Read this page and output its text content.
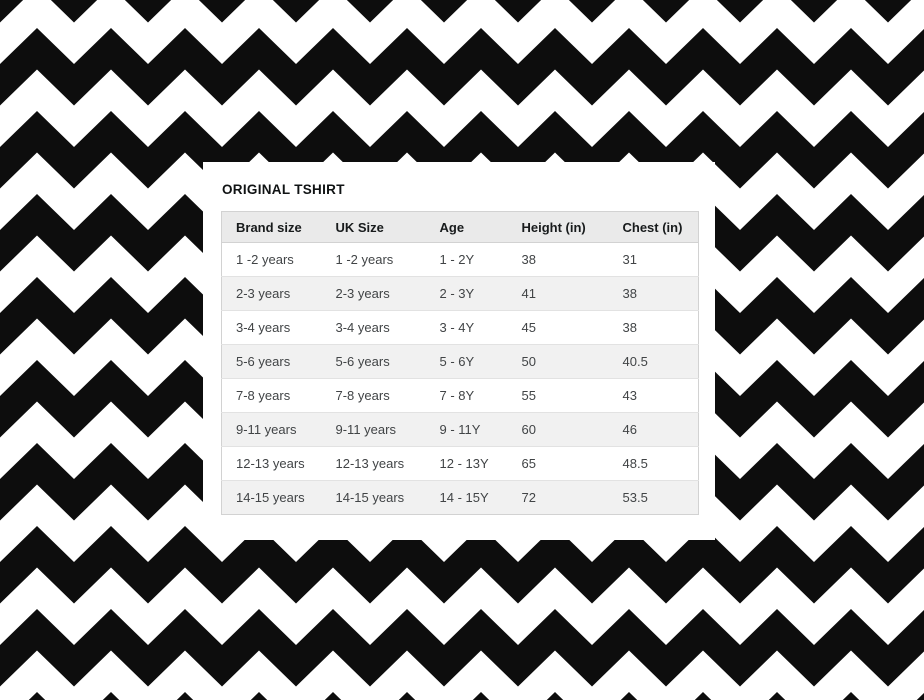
ORIGINAL TSHIRT
Brand size	UK Size	Age	Height (in)	Chest (in)
1 -2 years	1 -2 years	1 - 2Y	38	31
2-3 years	2-3 years	2 - 3Y	41	38
3-4 years	3-4 years	3 - 4Y	45	38
5-6 years	5-6 years	5 - 6Y	50	40.5
7-8 years	7-8 years	7 - 8Y	55	43
9-11 years	9-11 years	9 - 11Y	60	46
12-13 years	12-13 years	12 - 13Y	65	48.5
14-15 years	14-15 years	14 - 15Y	72	53.5
